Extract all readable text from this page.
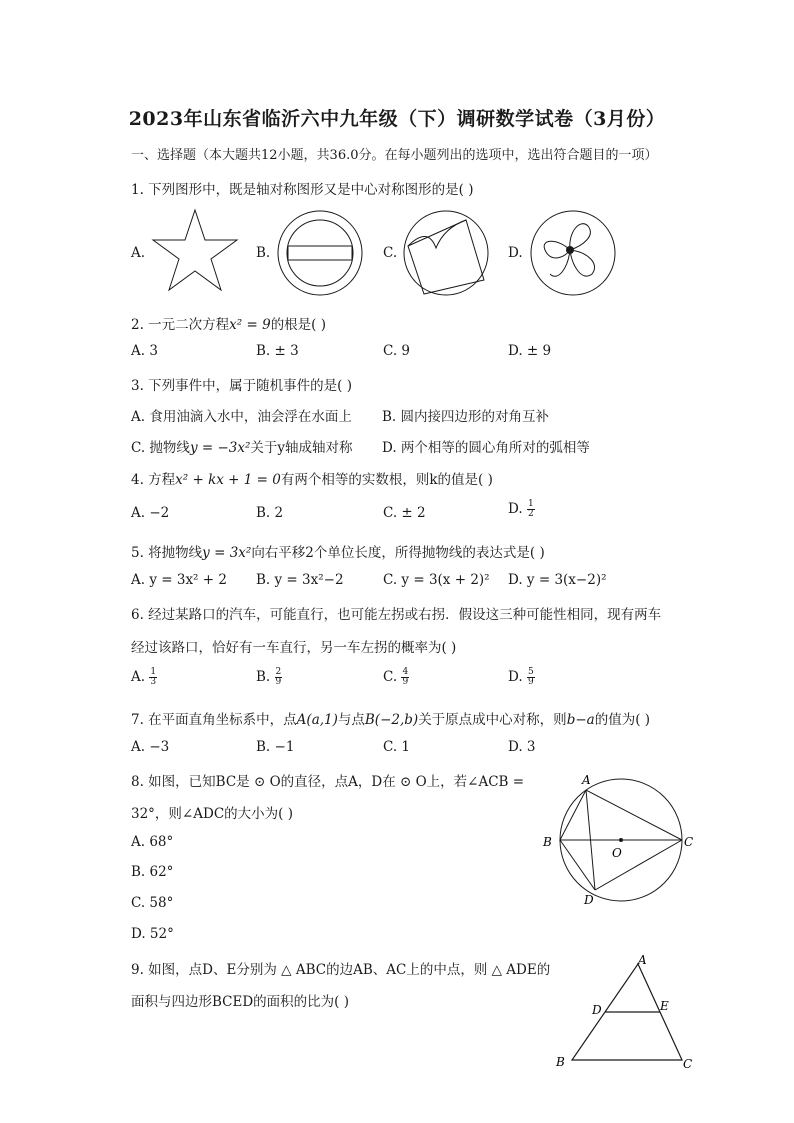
2023年山东省临沂六中九年级（下）调研数学试卷（3月份）
一、选择题（本大题共12小题，共36.0分。在每小题列出的选项中，选出符合题目的一项）
1. 下列图形中，既是轴对称图形又是中心对称图形的是( )
A.	B.	C.	D.
2. 一元二次方程x² = 9的根是( )
A. 3	B. ± 3	C. 9	D. ± 9
3. 下列事件中，属于随机事件的是( )
A. 食用油滴入水中，油会浮在水面上 B. 圆内接四边形的对角互补
C. 抛物线y = −3x²关于y轴成轴对称 D. 两个相等的圆心角所对的弧相等
4. 方程x² + kx + 1 = 0有两个相等的实数根，则k的值是( )
A. −2	B. 2	C. ± 2	D. $\frac{1}{2}$
5. 将抛物线y = 3x²向右平移2个单位长度，所得抛物线的表达式是( )
A. y = 3x² + 2 B. y = 3x²−2	C. y = 3(x + 2)² D. y = 3(x−2)²
6. 经过某路口的汽车，可能直行，也可能左拐或右拐．假设这三种可能性相同，现有两车
经过该路口，恰好有一车直行，另一车左拐的概率为( )
A. $\frac{1}{3}$	B. $\frac{2}{9}$	C. $\frac{4}{9}$	D. $\frac{5}{9}$
7. 在平面直角坐标系中，点A(a,1)与点B(−2,b)关于原点成中心对称，则b−a的值为( )
A. −3	B. −1	C. 1	D. 3
8. 如图，已知BC是 ⊙ O的直径，点A，D在 ⊙ O上，若∠ACB =
32°，则∠ADC的大小为( )
A. 68°
B. 62°
C. 58°
D. 52°
A
B	C
D
O
9. 如图，点D、E分别为 △ ABC的边AB、AC上的中点，则 △ ADE的
面积与四边形BCED的面积的比为( )
A
B	C
D	E
